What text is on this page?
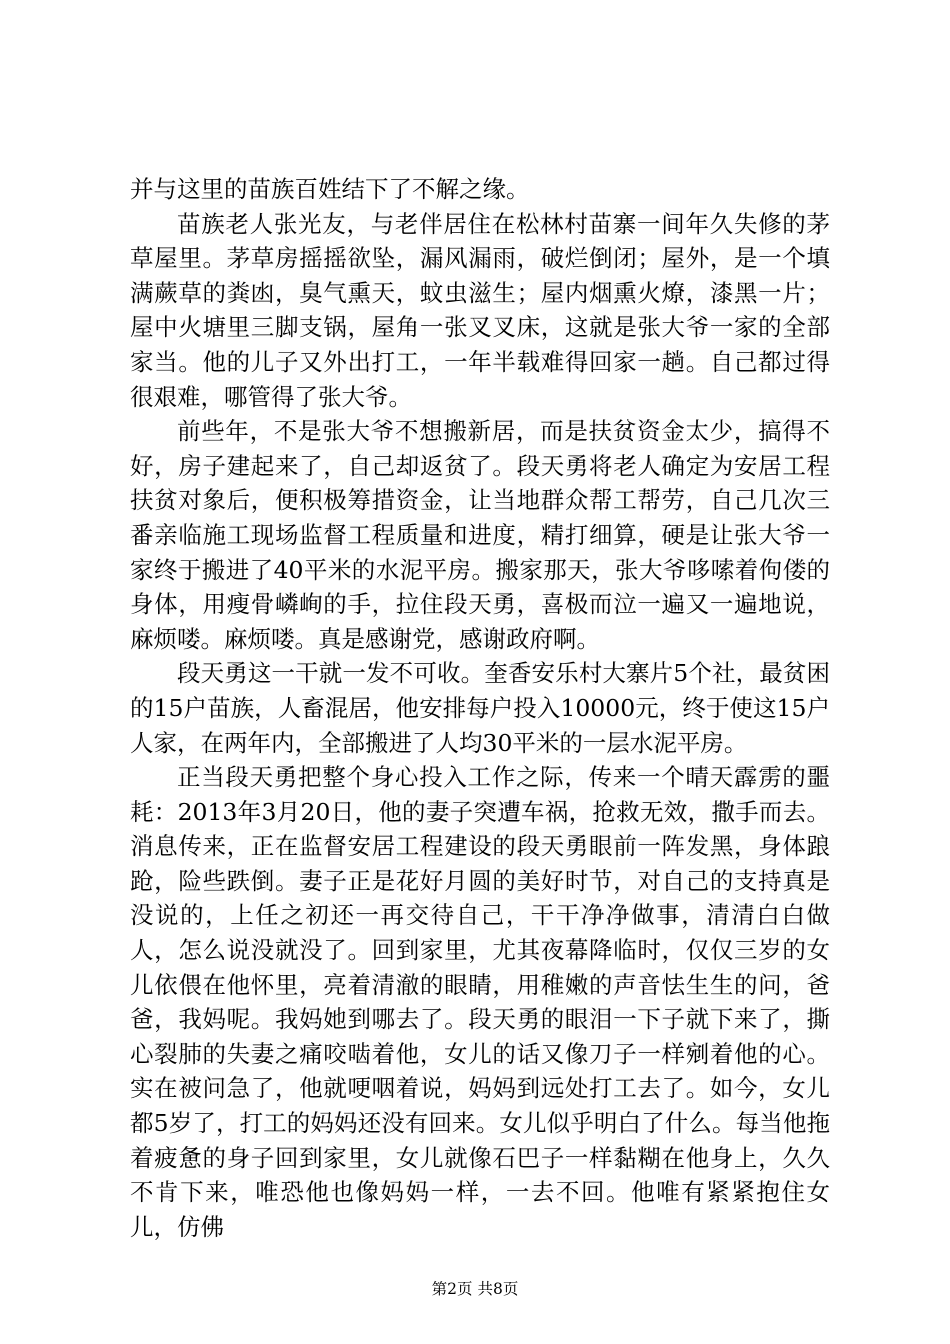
并与这里的苗族百姓结下了不解之缘。

苗族老人张光友，与老伴居住在松林村苗寨一间年久失修的茅草屋里。茅草房摇摇欲坠，漏风漏雨，破烂倒闭；屋外，是一个填满蕨草的粪凼，臭气熏天，蚊虫滋生；屋内烟熏火燎，漆黑一片；屋中火塘里三脚支锅，屋角一张叉叉床，这就是张大爷一家的全部家当。他的儿子又外出打工，一年半载难得回家一趟。自己都过得很艰难，哪管得了张大爷。

前些年，不是张大爷不想搬新居，而是扶贫资金太少，搞得不好，房子建起来了，自己却返贫了。段天勇将老人确定为安居工程扶贫对象后，便积极筹措资金，让当地群众帮工帮劳，自己几次三番亲临施工现场监督工程质量和进度，精打细算，硬是让张大爷一家终于搬进了40平米的水泥平房。搬家那天，张大爷哆嗦着佝偻的身体，用瘦骨嶙峋的手，拉住段天勇，喜极而泣一遍又一遍地说，麻烦喽。麻烦喽。真是感谢党，感谢政府啊。

段天勇这一干就一发不可收。奎香安乐村大寨片5个社，最贫困的15户苗族，人畜混居，他安排每户投入10000元，终于使这15户人家，在两年内，全部搬进了人均30平米的一层水泥平房。

正当段天勇把整个身心投入工作之际，传来一个晴天霹雳的噩耗：2013年3月20日，他的妻子突遭车祸，抢救无效，撒手而去。消息传来，正在监督安居工程建设的段天勇眼前一阵发黑，身体踉跄，险些跌倒。妻子正是花好月圆的美好时节，对自己的支持真是没说的，上任之初还一再交待自己，干干净净做事，清清白白做人，怎么说没就没了。回到家里，尤其夜幕降临时，仅仅三岁的女儿依偎在他怀里，亮着清澈的眼睛，用稚嫩的声音怯生生的问，爸爸，我妈呢。我妈她到哪去了。段天勇的眼泪一下子就下来了，撕心裂肺的失妻之痛咬啮着他，女儿的话又像刀子一样剜着他的心。实在被问急了，他就哽咽着说，妈妈到远处打工去了。如今，女儿都5岁了，打工的妈妈还没有回来。女儿似乎明白了什么。每当他拖着疲惫的身子回到家里，女儿就像石巴子一样黏糊在他身上，久久不肯下来，唯恐他也像妈妈一样，一去不回。他唯有紧紧抱住女儿，仿佛

第2页 共8页
